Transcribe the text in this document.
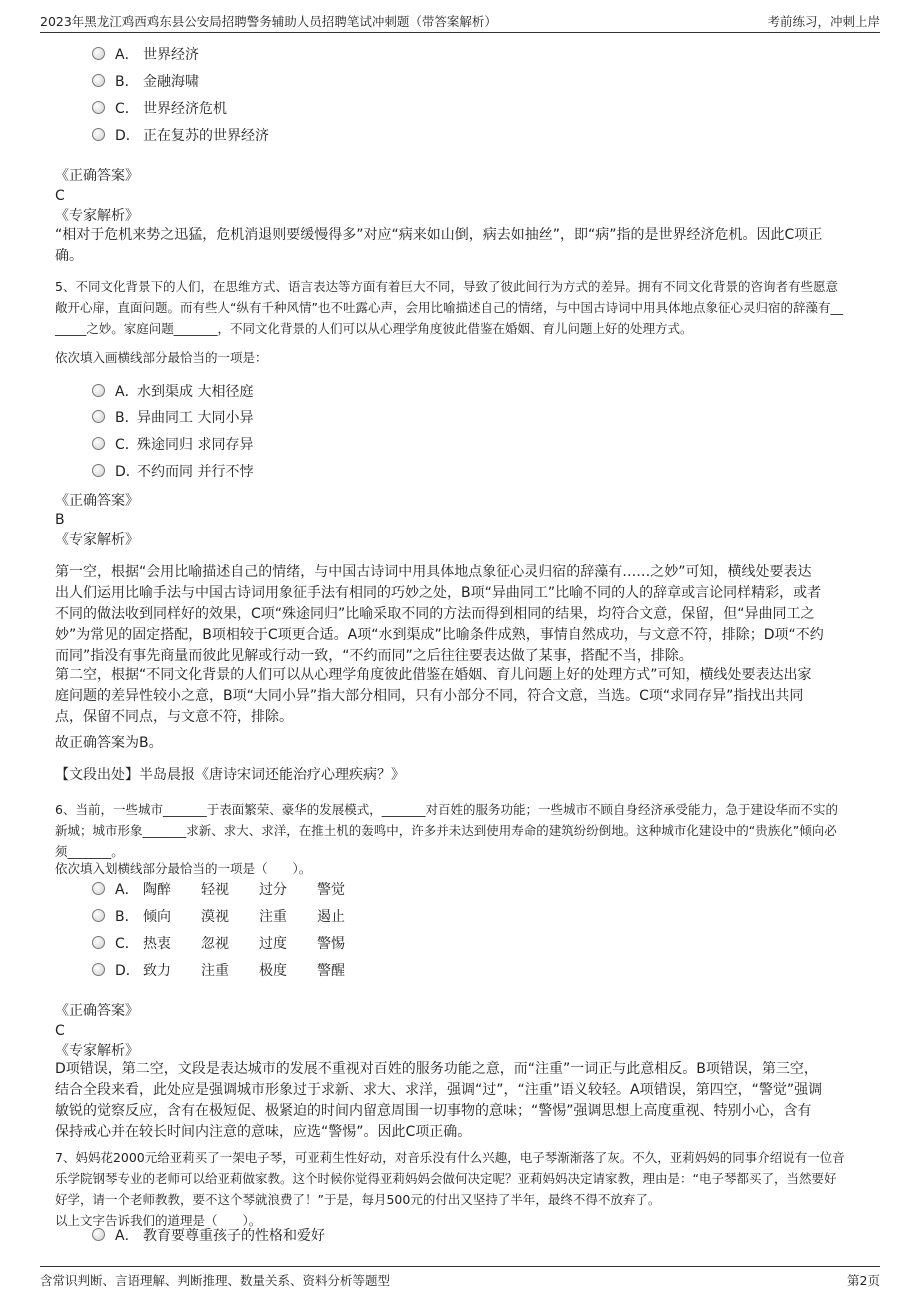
2023年黑龙江鸡西鸡东县公安局招聘警务辅助人员招聘笔试冲刺题（带答案解析）	考前练习，冲刺上岸
A． 世界经济
B． 金融海啸
C． 世界经济危机
D． 正在复苏的世界经济
《正确答案》
C
《专家解析》
“相对于危机来势之迅猛，危机消退则要缓慢得多”对应“病来如山倒，病去如抽丝”，即“病”指的是世界经济危机。因此C项正
确。
5、不同文化背景下的人们，在思维方式、语言表达等方面有着巨大不同，导致了彼此间行为方式的差异。拥有不同文化背景的咨询者有些愿意
敞开心扉，直面问题。而有些人“纵有千种风情”也不吐露心声，会用比喻描述自己的情绪，与中国古诗词中用具体地点象征心灵归宿的辞藻有__
_____之妙。家庭问题_______，不同文化背景的人们可以从心理学角度彼此借鉴在婚姻、育儿问题上好的处理方式。
依次填入画横线部分最恰当的一项是：
A．水到渠成 大相径庭
B．异曲同工 大同小异
C．殊途同归 求同存异
D．不约而同 并行不悖
《正确答案》
B
《专家解析》
第一空，根据“会用比喻描述自己的情绪，与中国古诗词中用具体地点象征心灵归宿的辞藻有……之妙”可知，横线处要表达
出人们运用比喻手法与中国古诗词用象征手法有相同的巧妙之处，B项“异曲同工”比喻不同的人的辞章或言论同样精彩，或者
不同的做法收到同样好的效果，C项“殊途同归”比喻采取不同的方法而得到相同的结果，均符合文意，保留，但“异曲同工之
妙”为常见的固定搭配，B项相较于C项更合适。A项“水到渠成”比喻条件成熟，事情自然成功，与文意不符，排除；D项“不约
而同”指没有事先商量而彼此见解或行动一致，“不约而同”之后往往要表达做了某事，搭配不当，排除。
第二空，根据“不同文化背景的人们可以从心理学角度彼此借鉴在婚姻、育儿问题上好的处理方式”可知，横线处要表达出家
庭问题的差异性较小之意，B项“大同小异”指大部分相同，只有小部分不同，符合文意，当选。C项“求同存异”指找出共同
点，保留不同点，与文意不符，排除。
故正确答案为B。
【文段出处】半岛晨报《唐诗宋词还能治疗心理疾病？》
6、当前，一些城市_______于表面繁荣、豪华的发展模式，_______对百姓的服务功能；一些城市不顾自身经济承受能力，急于建设华而不实的
新城；城市形象_______求新、求大、求洋，在推土机的轰鸣中，许多并未达到使用寿命的建筑纷纷倒地。这种城市化建设中的“贵族化”倾向必
须_______。
依次填入划横线部分最恰当的一项是（　　）。
A． 陶醉 轻视 过分 警觉
B． 倾向 漠视 注重 遏止
C． 热衷 忽视 过度 警惕
D． 致力 注重 极度 警醒
《正确答案》
C
《专家解析》
D项错误，第二空，文段是表达城市的发展不重视对百姓的服务功能之意，而“注重”一词正与此意相反。B项错误，第三空，
结合全段来看，此处应是强调城市形象过于求新、求大、求洋，强调“过”，“注重”语义较轻。A项错误，第四空，“警觉”强调
敏锐的觉察反应，含有在极短促、极紧迫的时间内留意周围一切事物的意味；“警惕”强调思想上高度重视、特别小心，含有
保持戒心并在较长时间内注意的意味，应选“警惕”。因此C项正确。
7、妈妈花2000元给亚莉买了一架电子琴，可亚莉生性好动，对音乐没有什么兴趣，电子琴渐渐落了灰。不久，亚莉妈妈的同事介绍说有一位音
乐学院钢琴专业的老师可以给亚莉做家教。这个时候你觉得亚莉妈妈会做何决定呢？亚莉妈妈决定请家教，理由是：“电子琴都买了，当然要好
好学，请一个老师教教，要不这个琴就浪费了！”于是，每月500元的付出又坚持了半年，最终不得不放弃了。
以上文字告诉我们的道理是（　　）。
A． 教育要尊重孩子的性格和爱好
含常识判断、言语理解、判断推理、数量关系、资料分析等题型	第2页
